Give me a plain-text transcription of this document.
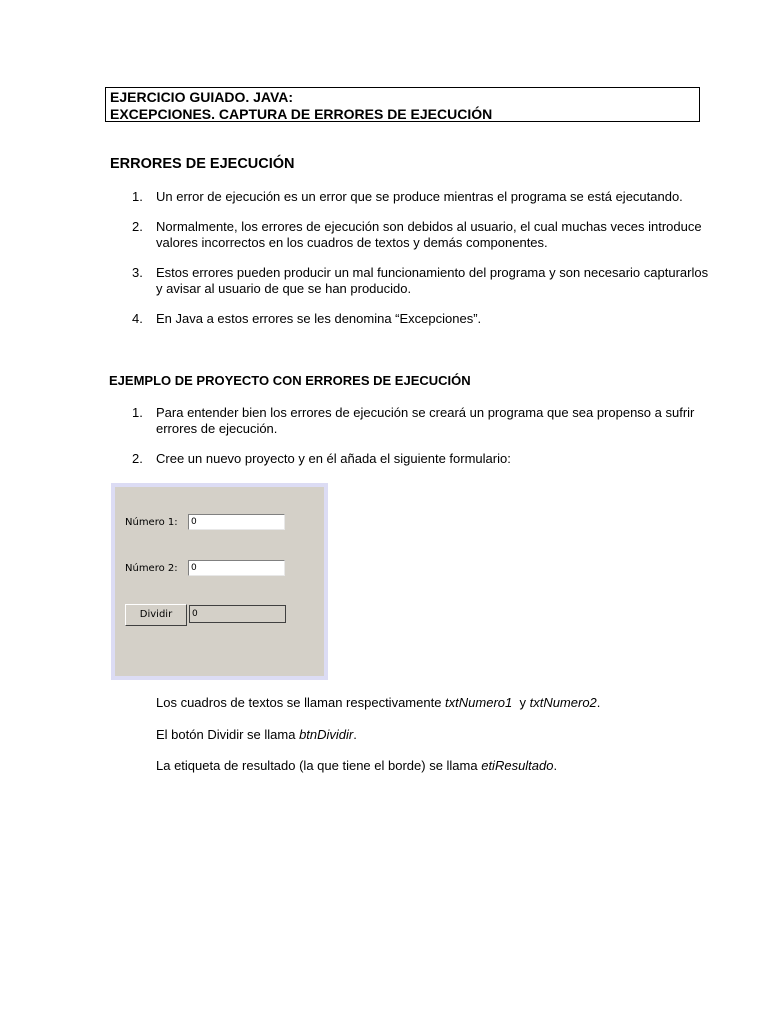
EJERCICIO GUIADO. JAVA:
EXCEPCIONES. CAPTURA DE ERRORES DE EJECUCIÓN
ERRORES DE EJECUCIÓN
1. Un error de ejecución es un error que se produce mientras el programa se está ejecutando.
2. Normalmente, los errores de ejecución son debidos al usuario, el cual muchas veces introduce valores incorrectos en los cuadros de textos y demás componentes.
3. Estos errores pueden producir un mal funcionamiento del programa y son necesario capturarlos y avisar al usuario de que se han producido.
4. En Java a estos errores se les denomina “Excepciones”.
EJEMPLO DE PROYECTO CON ERRORES DE EJECUCIÓN
1. Para entender bien los errores de ejecución se creará un programa que sea propenso a sufrir errores de ejecución.
2. Cree un nuevo proyecto y en él añada el siguiente formulario:
Número 1:	0
Número 2:	0
Dividir	0
Los cuadros de textos se llaman respectivamente txtNumero1  y txtNumero2.
El botón Dividir se llama btnDividir.
La etiqueta de resultado (la que tiene el borde) se llama etiResultado.
